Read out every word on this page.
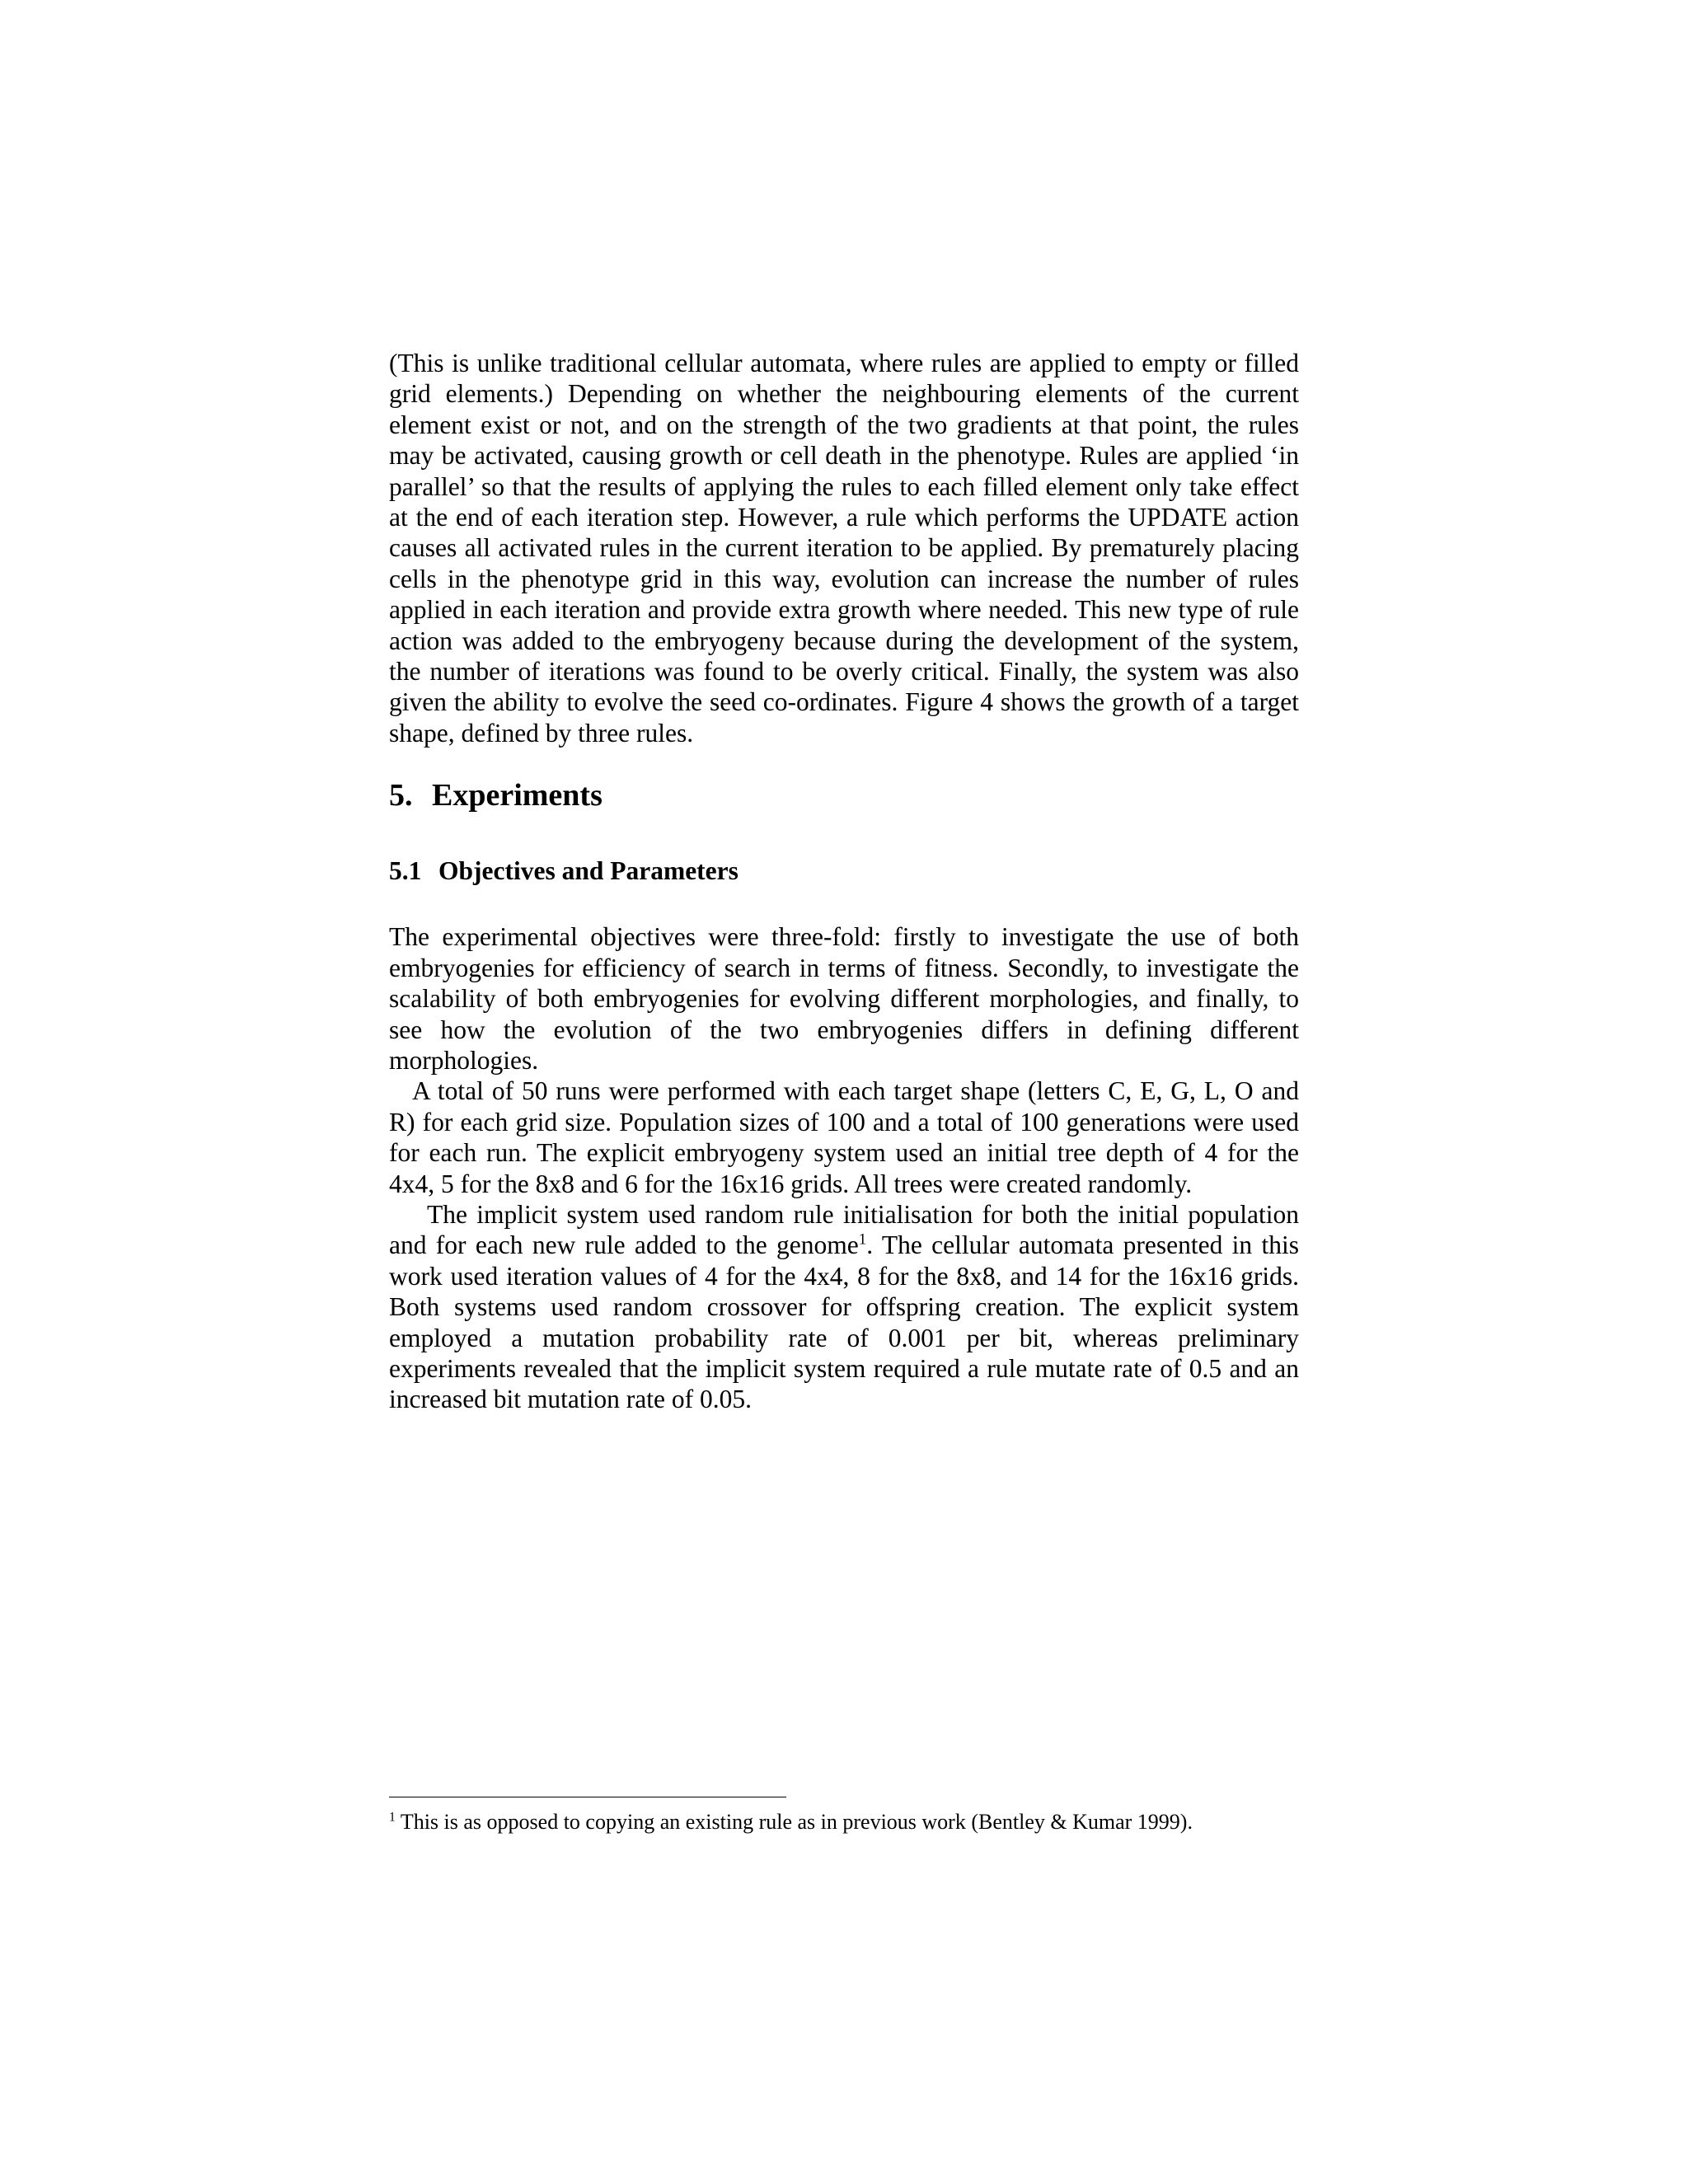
(This is unlike traditional cellular automata, where rules are applied to empty or filled grid elements.) Depending on whether the neighbouring elements of the current element exist or not, and on the strength of the two gradients at that point, the rules may be activated, causing growth or cell death in the phenotype. Rules are applied ‘in parallel’ so that the results of applying the rules to each filled element only take effect at the end of each iteration step. However, a rule which performs the UPDATE action causes all activated rules in the current iteration to be applied. By prematurely placing cells in the phenotype grid in this way, evolution can increase the number of rules applied in each iteration and provide extra growth where needed. This new type of rule action was added to the embryogeny because during the development of the system, the number of iterations was found to be overly critical. Finally, the system was also given the ability to evolve the seed co-ordinates. Figure 4 shows the growth of a target shape, defined by three rules.

5. Experiments
5.1 Objectives and Parameters

The experimental objectives were three-fold: firstly to investigate the use of both embryogenies for efficiency of search in terms of fitness. Secondly, to investigate the scalability of both embryogenies for evolving different morphologies, and finally, to see how the evolution of the two embryogenies differs in defining different morphologies.

A total of 50 runs were performed with each target shape (letters C, E, G, L, O and R) for each grid size. Population sizes of 100 and a total of 100 generations were used for each run. The explicit embryogeny system used an initial tree depth of 4 for the 4x4, 5 for the 8x8 and 6 for the 16x16 grids. All trees were created randomly.

The implicit system used random rule initialisation for both the initial population and for each new rule added to the genome$^1$. The cellular automata presented in this work used iteration values of 4 for the 4x4, 8 for the 8x8, and 14 for the 16x16 grids. Both systems used random crossover for offspring creation. The explicit system employed a mutation probability rate of 0.001 per bit, whereas preliminary experiments revealed that the implicit system required a rule mutate rate of 0.5 and an increased bit mutation rate of 0.05.

$^1$ This is as opposed to copying an existing rule as in previous work (Bentley & Kumar 1999).
